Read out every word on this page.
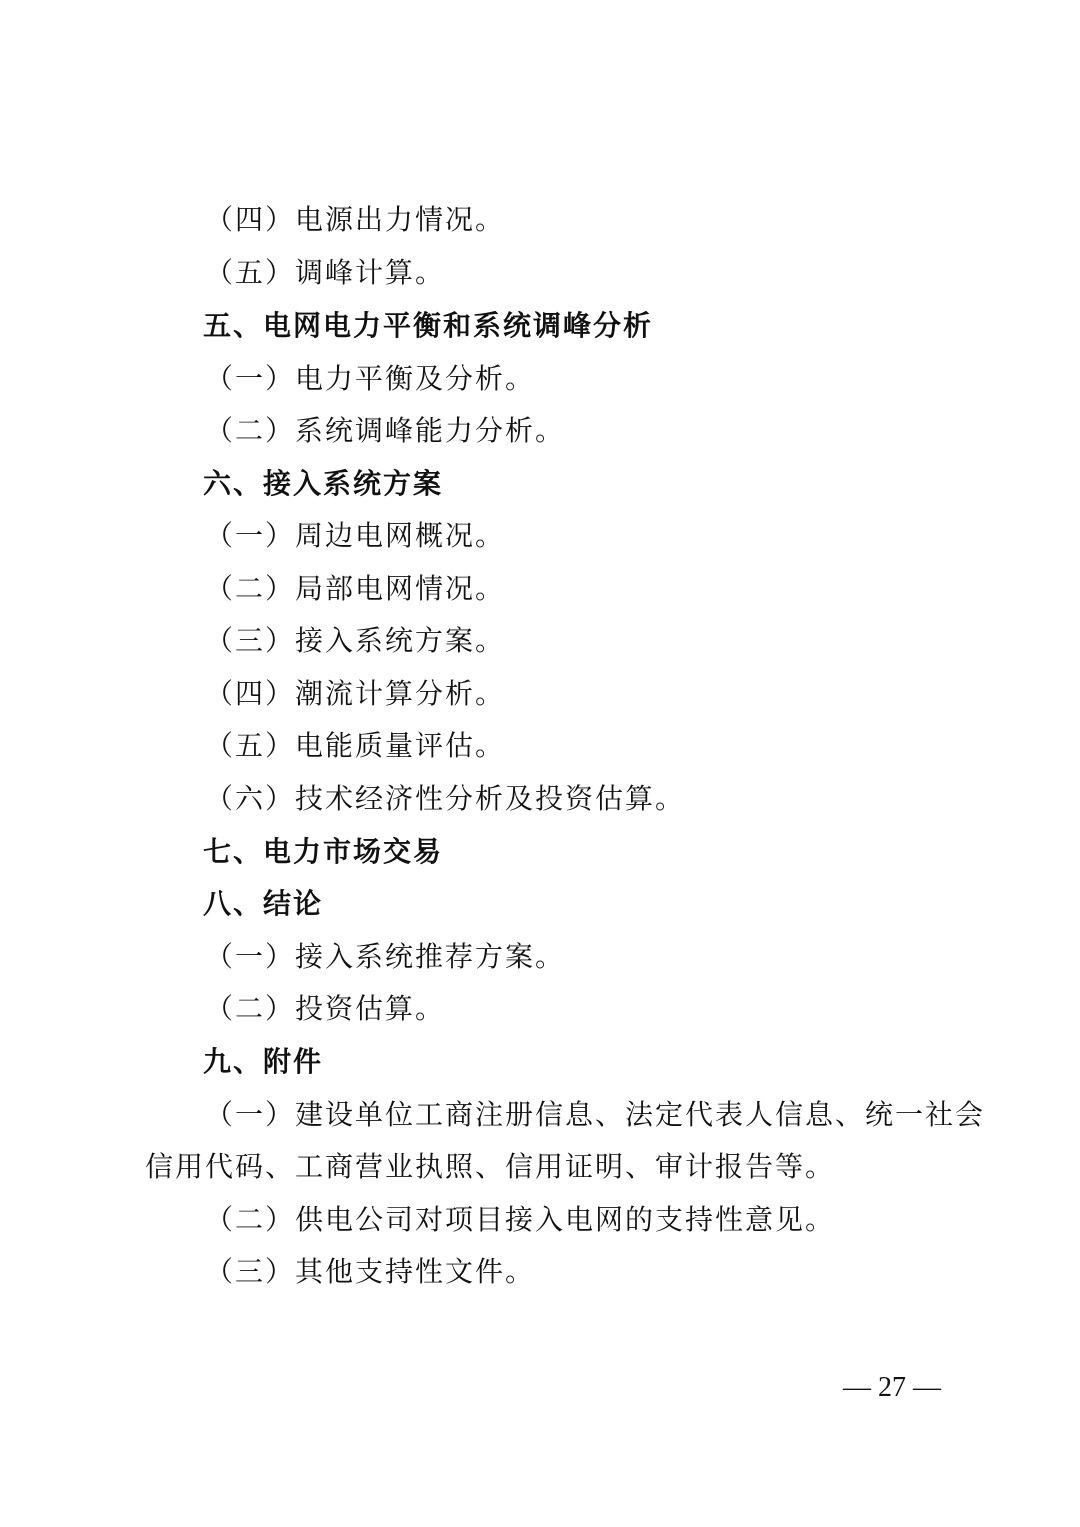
（四）电源出力情况。
（五）调峰计算。
五、电网电力平衡和系统调峰分析
（一）电力平衡及分析。
（二）系统调峰能力分析。
六、接入系统方案
（一）周边电网概况。
（二）局部电网情况。
（三）接入系统方案。
（四）潮流计算分析。
（五）电能质量评估。
（六）技术经济性分析及投资估算。
七、电力市场交易
八、结论
（一）接入系统推荐方案。
（二）投资估算。
九、附件
（一）建设单位工商注册信息、法定代表人信息、统一社会
信用代码、工商营业执照、信用证明、审计报告等。
（二）供电公司对项目接入电网的支持性意见。
（三）其他支持性文件。
— 27 —
